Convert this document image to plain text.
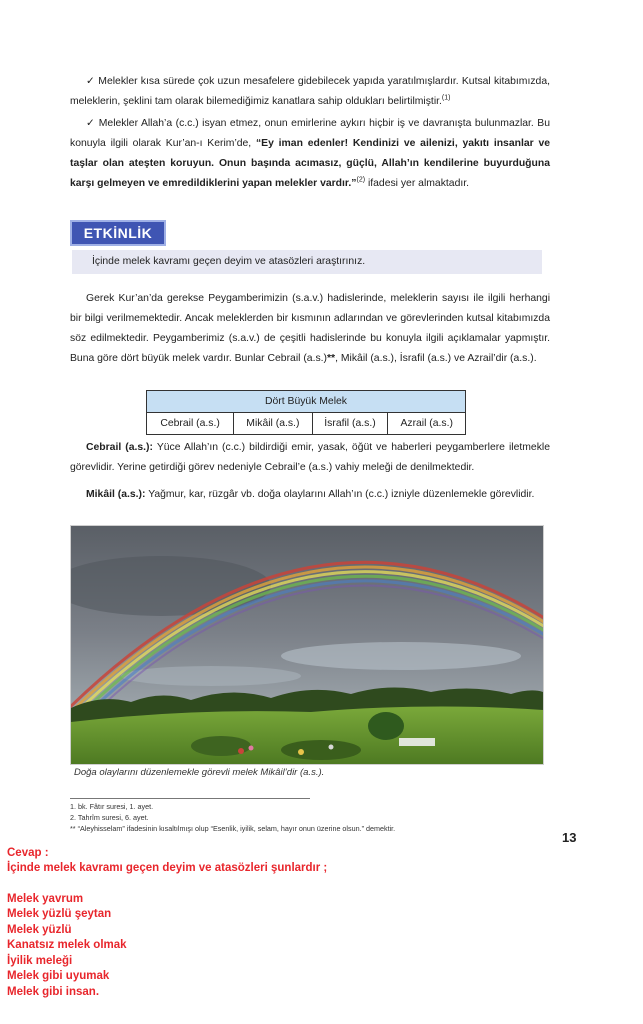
✓ Melekler kısa sürede çok uzun mesafelere gidebilecek yapıda yaratılmışlardır. Kutsal kitabımızda, meleklerin, şeklini tam olarak bilemediğimiz kanatlara sahip oldukları belirtilmiştir.$^{(1)}$

✓ Melekler Allah’a (c.c.) isyan etmez, onun emirlerine aykırı hiçbir iş ve davranışta bulunmazlar. Bu konuyla ilgili olarak Kur’an-ı Kerim’de, “Ey iman edenler! Kendinizi ve ailenizi, yakıtı insanlar ve taşlar olan ateşten koruyun. Onun başında acımasız, güçlü, Allah’ın kendilerine buyurduğuna karşı gelmeyen ve emredildiklerini yapan melekler vardır.”$^{(2)}$ ifadesi yer almaktadır.

ETKİNLİK
İçinde melek kavramı geçen deyim ve atasözleri araştırınız.

Gerek Kur’an’da gerekse Peygamberimizin (s.a.v.) hadislerinde, meleklerin sayısı ile ilgili herhangi bir bilgi verilmemektedir. Ancak meleklerden bir kısmının adlarından ve görevlerinden kutsal kitabımızda söz edilmektedir. Peygamberimiz (s.a.v.) de çeşitli hadislerinde bu konuyla ilgili açıklamalar yapmıştır. Buna göre dört büyük melek vardır. Bunlar Cebrail (a.s.)**, Mikâil (a.s.), İsrafil (a.s.) ve Azrail’dir (a.s.).

Dört Büyük Melek
Cebrail (a.s.)	Mikâil (a.s.)	İsrafil (a.s.)	Azrail (a.s.)

Cebrail (a.s.): Yüce Allah’ın (c.c.) bildirdiği emir, yasak, öğüt ve haberleri peygamberlere iletmekle görevlidir. Yerine getirdiği görev nedeniyle Cebrail’e (a.s.) vahiy meleği de denilmektedir.

Mikâil (a.s.): Yağmur, kar, rüzgâr vb. doğa olaylarını Allah’ın (c.c.) izniyle düzenlemekle görevlidir.

Doğa olaylarını düzenlemekle görevli melek Mikâil’dir (a.s.).
1. bk. Fâtır suresi, 1. ayet.
2. Tahrîm suresi, 6. ayet.
** “Aleyhisselam” ifadesinin kısaltılmışı olup “Esenlik, iyilik, selam, hayır onun üzerine olsun.” demektir.
13
Cevap :
İçinde melek kavramı geçen deyim ve atasözleri şunlardır ;
Melek yavrum
Melek yüzlü şeytan
Melek yüzlü
Kanatsız melek olmak
İyilik meleği
Melek gibi uyumak
Melek gibi insan.
